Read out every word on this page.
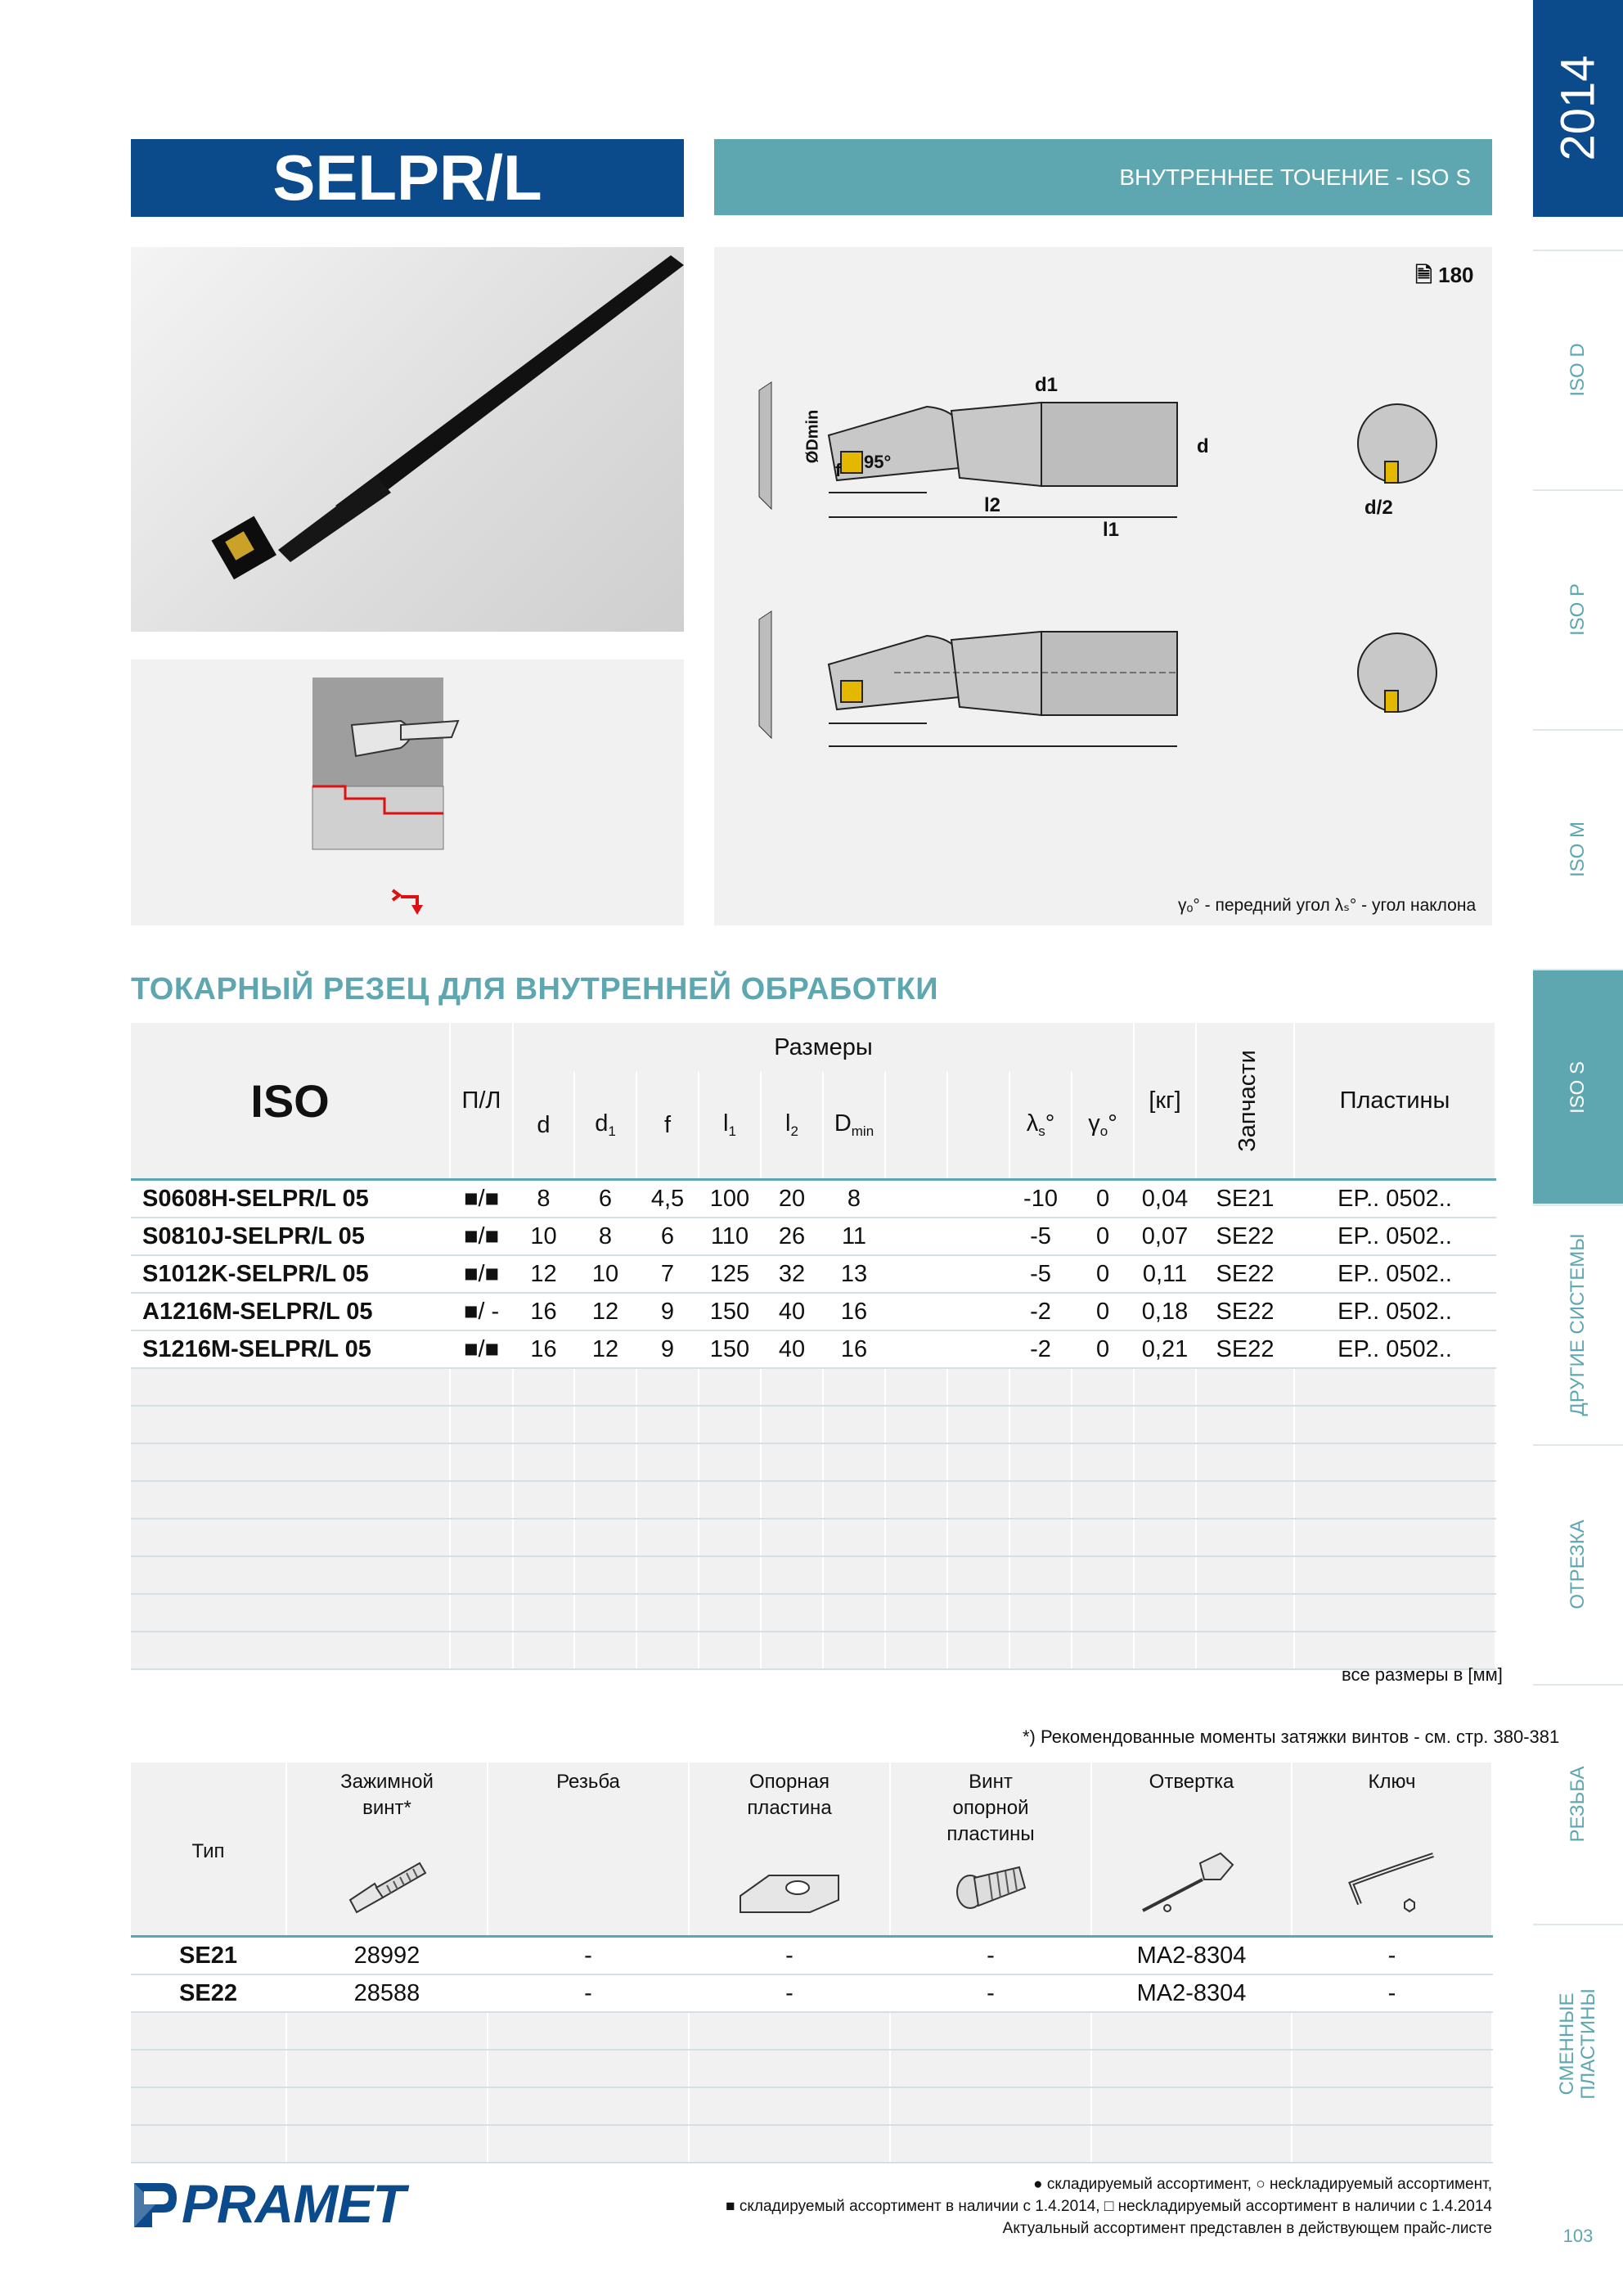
SELPR/L	ВНУТРЕННЕЕ ТОЧЕНИЕ - ISO S
2014
ISO D
ISO P
ISO M
ISO S
ДРУГИЕ СИСТЕМЫ
ОТРЕЗКА
РЕЗЬБА
СМЕННЫЕ ПЛАСТИНЫ
103
ØDmin
f 95°
l2
l1
d
d1
d/2
🗎 180
γₒ° - передний угол λₛ° - угол наклона
ТОКАРНЫЙ РЕЗЕЦ ДЛЯ ВНУТРЕННЕЙ ОБРАБОТКИ
ISO	П/Л	Размеры										[кг]	Запчасти	Пластины
		d	$d_1$	f	$l_1$	$l_2$	$D_{min}$			$\lambda_s^\circ$	$\gamma_o^\circ$			
S0608H-SELPR/L 05	■/■	8	6	4,5	100	20	8			-10	0	0,04	SE21	EP.. 0502..
S0810J-SELPR/L 05	■/■	10	8	6	110	26	11			-5	0	0,07	SE22	EP.. 0502..
S1012K-SELPR/L 05	■/■	12	10	7	125	32	13			-5	0	0,11	SE22	EP.. 0502..
A1216M-SELPR/L 05	■/ -	16	12	9	150	40	16			-2	0	0,18	SE22	EP.. 0502..
S1216M-SELPR/L 05	■/■	16	12	9	150	40	16			-2	0	0,21	SE22	EP.. 0502..

все размеры в [мм]
*) Рекомендованные моменты затяжки винтов - см. стр. 380-381
Тип	Зажимной винт*	Резьба	Опорная пластина	Винт опорной пластины	Отвертка	Ключ

SE21	28992	-	-	-	MA2-8304	-
SE22	28588	-	-	-	MA2-8304	-

PRAMET	● складируемый ассортимент, ○ несkладируемый ассортимент,
■ складируемый ассортимент в наличии с 1.4.2014, □ несkладируемый ассортимент в наличии с 1.4.2014
Актуальный ассортимент представлен в действующем прайс-листе
